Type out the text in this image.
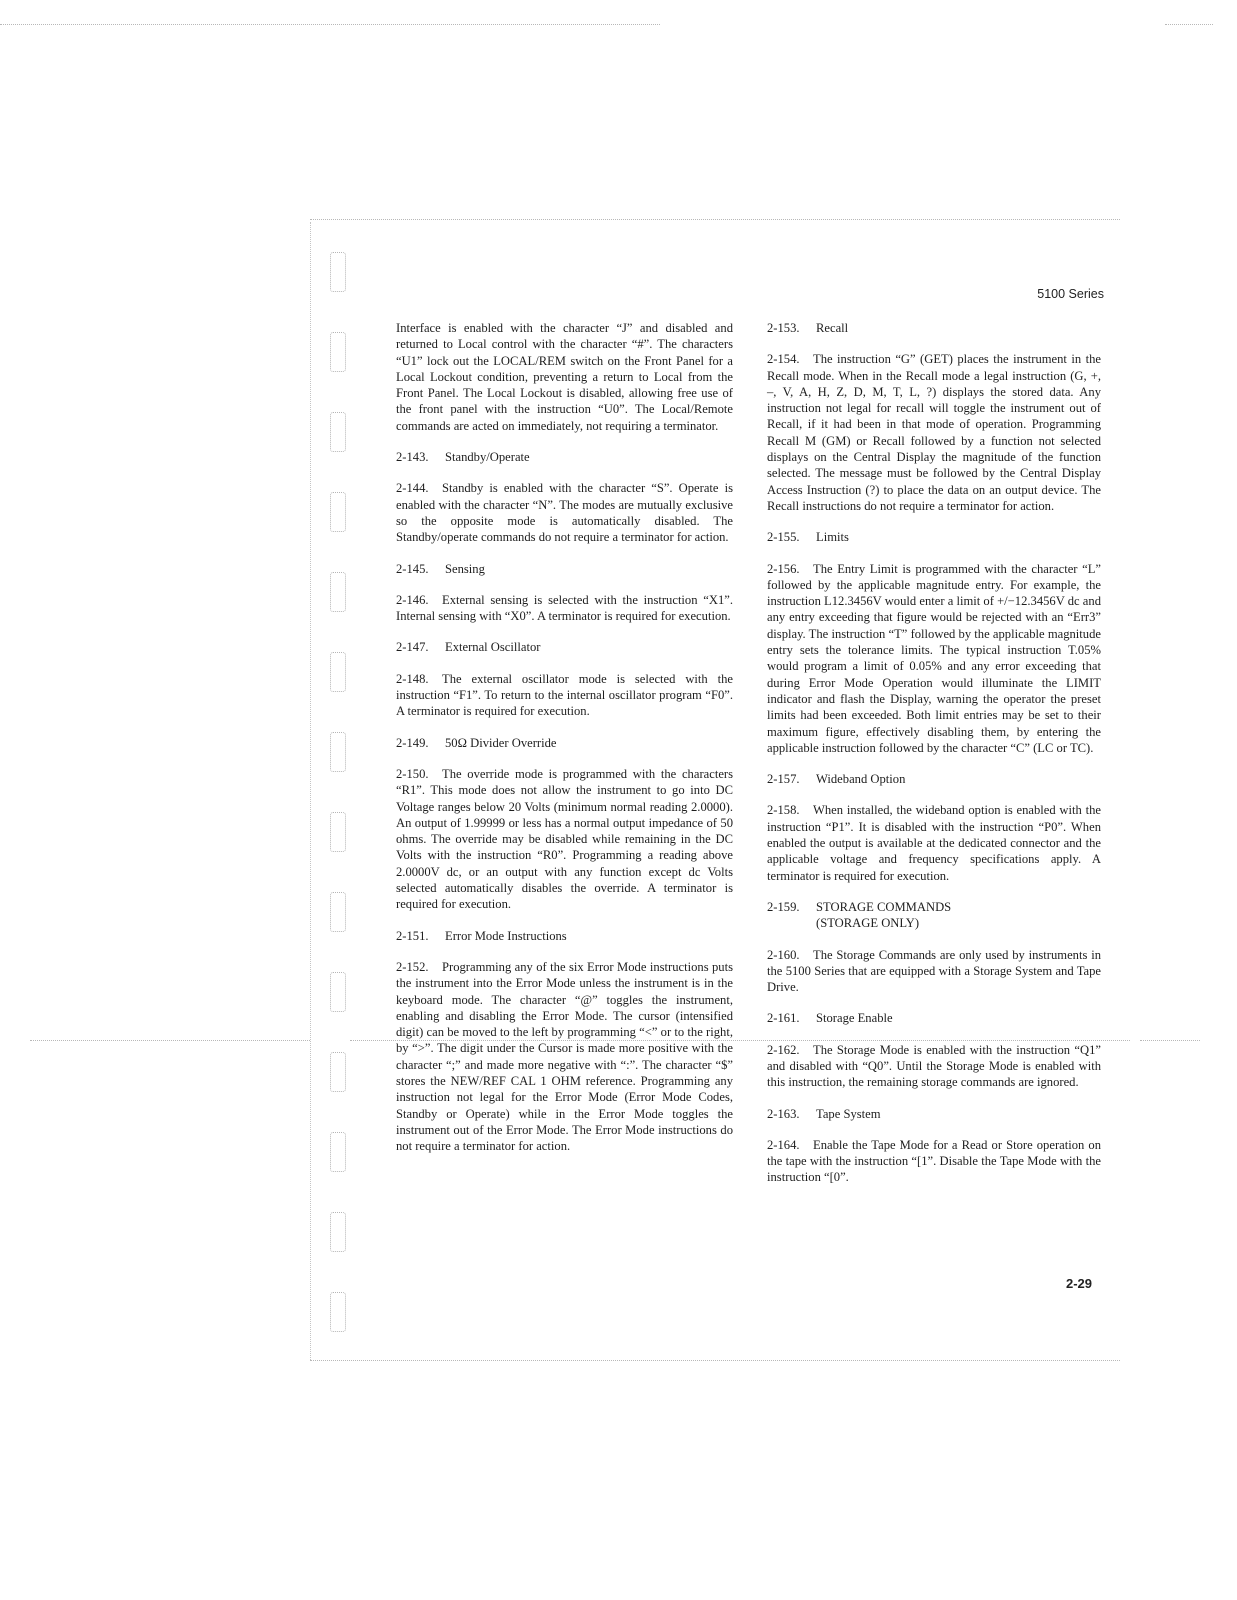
5100 Series

Interface is enabled with the character “J” and disabled and returned to Local control with the character “#”. The characters “U1” lock out the LOCAL/REM switch on the Front Panel for a Local Lockout condition, preventing a return to Local from the Front Panel. The Local Lockout is disabled, allowing free use of the front panel with the instruction “U0”. The Local/Remote commands are acted on immediately, not requiring a terminator.

2-143. Standby/Operate

2-144. Standby is enabled with the character “S”. Operate is enabled with the character “N”. The modes are mutually exclusive so the opposite mode is automatically disabled. The Standby/operate commands do not require a terminator for action.

2-145. Sensing

2-146. External sensing is selected with the instruction “X1”. Internal sensing with “X0”. A terminator is required for execution.

2-147. External Oscillator

2-148. The external oscillator mode is selected with the instruction “F1”. To return to the internal oscillator program “F0”. A terminator is required for execution.

2-149. 50Ω Divider Override

2-150. The override mode is programmed with the characters “R1”. This mode does not allow the instrument to go into DC Voltage ranges below 20 Volts (minimum normal reading 2.0000). An output of 1.99999 or less has a normal output impedance of 50 ohms. The override may be disabled while remaining in the DC Volts with the instruction “R0”. Programming a reading above 2.0000V dc, or an output with any function except dc Volts selected automatically disables the override. A terminator is required for execution.

2-151. Error Mode Instructions

2-152. Programming any of the six Error Mode instructions puts the instrument into the Error Mode unless the instrument is in the keyboard mode. The character “@” toggles the instrument, enabling and disabling the Error Mode. The cursor (intensified digit) can be moved to the left by programming “<” or to the right, by “>”. The digit under the Cursor is made more positive with the character “;” and made more negative with “:”. The character “$” stores the NEW/REF CAL 1 OHM reference. Programming any instruction not legal for the Error Mode (Error Mode Codes, Standby or Operate) while in the Error Mode toggles the instrument out of the Error Mode. The Error Mode instructions do not require a terminator for action.

2-153. Recall

2-154. The instruction “G” (GET) places the instrument in the Recall mode. When in the Recall mode a legal instruction (G, +, –, V, A, H, Z, D, M, T, L, ?) displays the stored data. Any instruction not legal for recall will toggle the instrument out of Recall, if it had been in that mode of operation. Programming Recall M (GM) or Recall followed by a function not selected displays on the Central Display the magnitude of the function selected. The message must be followed by the Central Display Access Instruction (?) to place the data on an output device. The Recall instructions do not require a terminator for action.

2-155. Limits

2-156. The Entry Limit is programmed with the character “L” followed by the applicable magnitude entry. For example, the instruction L12.3456V would enter a limit of +/−12.3456V dc and any entry exceeding that figure would be rejected with an “Err3” display. The instruction “T” followed by the applicable magnitude entry sets the tolerance limits. The typical instruction T.05% would program a limit of 0.05% and any error exceeding that during Error Mode Operation would illuminate the LIMIT indicator and flash the Display, warning the operator the preset limits had been exceeded. Both limit entries may be set to their maximum figure, effectively disabling them, by entering the applicable instruction followed by the character “C” (LC or TC).

2-157. Wideband Option

2-158. When installed, the wideband option is enabled with the instruction “P1”. It is disabled with the instruction “P0”. When enabled the output is available at the dedicated connector and the applicable voltage and frequency specifications apply. A terminator is required for execution.

2-159. STORAGE COMMANDS
(STORAGE ONLY)

2-160. The Storage Commands are only used by instruments in the 5100 Series that are equipped with a Storage System and Tape Drive.

2-161. Storage Enable

2-162. The Storage Mode is enabled with the instruction “Q1” and disabled with “Q0”. Until the Storage Mode is enabled with this instruction, the remaining storage commands are ignored.

2-163. Tape System

2-164. Enable the Tape Mode for a Read or Store operation on the tape with the instruction “[1”. Disable the Tape Mode with the instruction “[0”.

2-29
